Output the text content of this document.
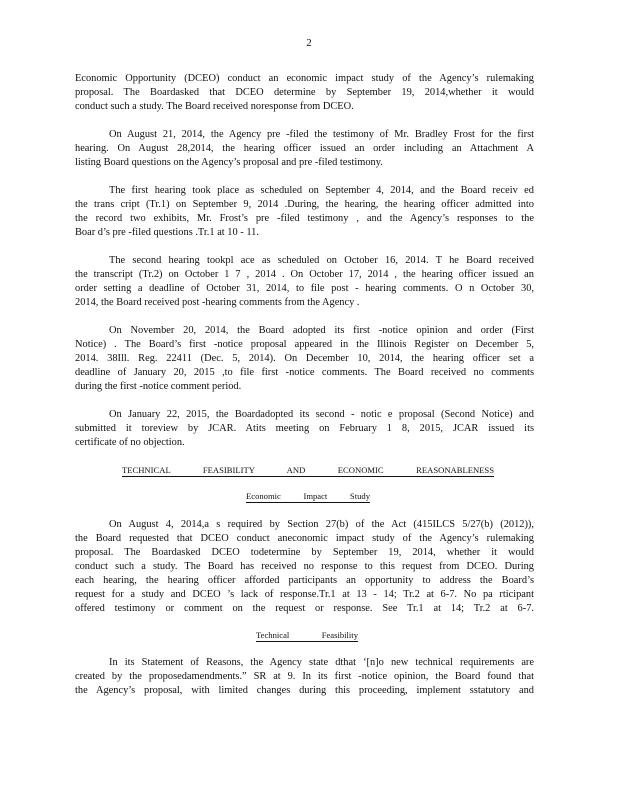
2
Economic Opportunity (DCEO) conduct an economic impact study of the Agency’s rulemaking
proposal. The Boardasked that DCEO determine by September 19, 2014,whether it would
conduct such a study. The Board received noresponse from DCEO.
On August 21, 2014, the Agency pre -filed the testimony of Mr. Bradley Frost for the first
hearing. On August 28,2014, the hearing officer issued an order including an Attachment A
listing Board questions on the Agency’s proposal and pre -filed testimony.
The first hearing took place as scheduled on September 4, 2014, and the Board receiv ed
the trans cript (Tr.1) on September 9, 2014 .During, the hearing, the hearing officer admitted into
the record two exhibits, Mr. Frost’s pre -filed testimony , and the Agency’s responses to the
Boar d’s pre -filed questions .Tr.1 at 10 - 11.
The second hearing tookpl ace as scheduled on October 16, 2014. T he Board received
the transcript (Tr.2) on October 1 7 , 2014 . On October 17, 2014 , the hearing officer issued an
order setting a deadline of October 31, 2014, to file post - hearing comments. O n October 30,
2014, the Board received post -hearing comments from the Agency .
On November 20, 2014, the Board adopted its first -notice opinion and order (First
Notice) . The Board’s first -notice proposal appeared in the Illinois Register on December 5,
2014. 38Ill. Reg. 22411 (Dec. 5, 2014). On December 10, 2014, the hearing officer set a
deadline of January 20, 2015 ,to file first -notice comments. The Board received no comments
during the first -notice comment period.
On January 22, 2015, the Boardadopted its second - notic e proposal (Second Notice) and
submitted it toreview by JCAR. Atits meeting on February 1 8, 2015, JCAR issued its
certificate of no objection.
TECHNICAL FEASIBILITY AND ECONOMIC REASONABLENESS
Economic Impact Study
On August 4, 2014,a s required by Section 27(b) of the Act (415ILCS 5/27(b) (2012)),
the Board requested that DCEO conduct aneconomic impact study of the Agency’s rulemaking
proposal. The Boardasked DCEO todetermine by September 19, 2014, whether it would
conduct such a study. The Board has received no response to this request from DCEO. During
each hearing, the hearing officer afforded participants an opportunity to address the Board’s
request for a study and DCEO ’s lack of response.Tr.1 at 13 - 14; Tr.2 at 6-7. No pa rticipant
offered testimony or comment on the request or response. See Tr.1 at 14; Tr.2 at 6-7.
Technical Feasibility
In its Statement of Reasons, the Agency state dthat ‘[n]o new technical requirements are
created by the proposedamendments.” SR at 9. In its first -notice opinion, the Board found that
the Agency’s proposal, with limited changes during this proceeding, implement sstatutory and
